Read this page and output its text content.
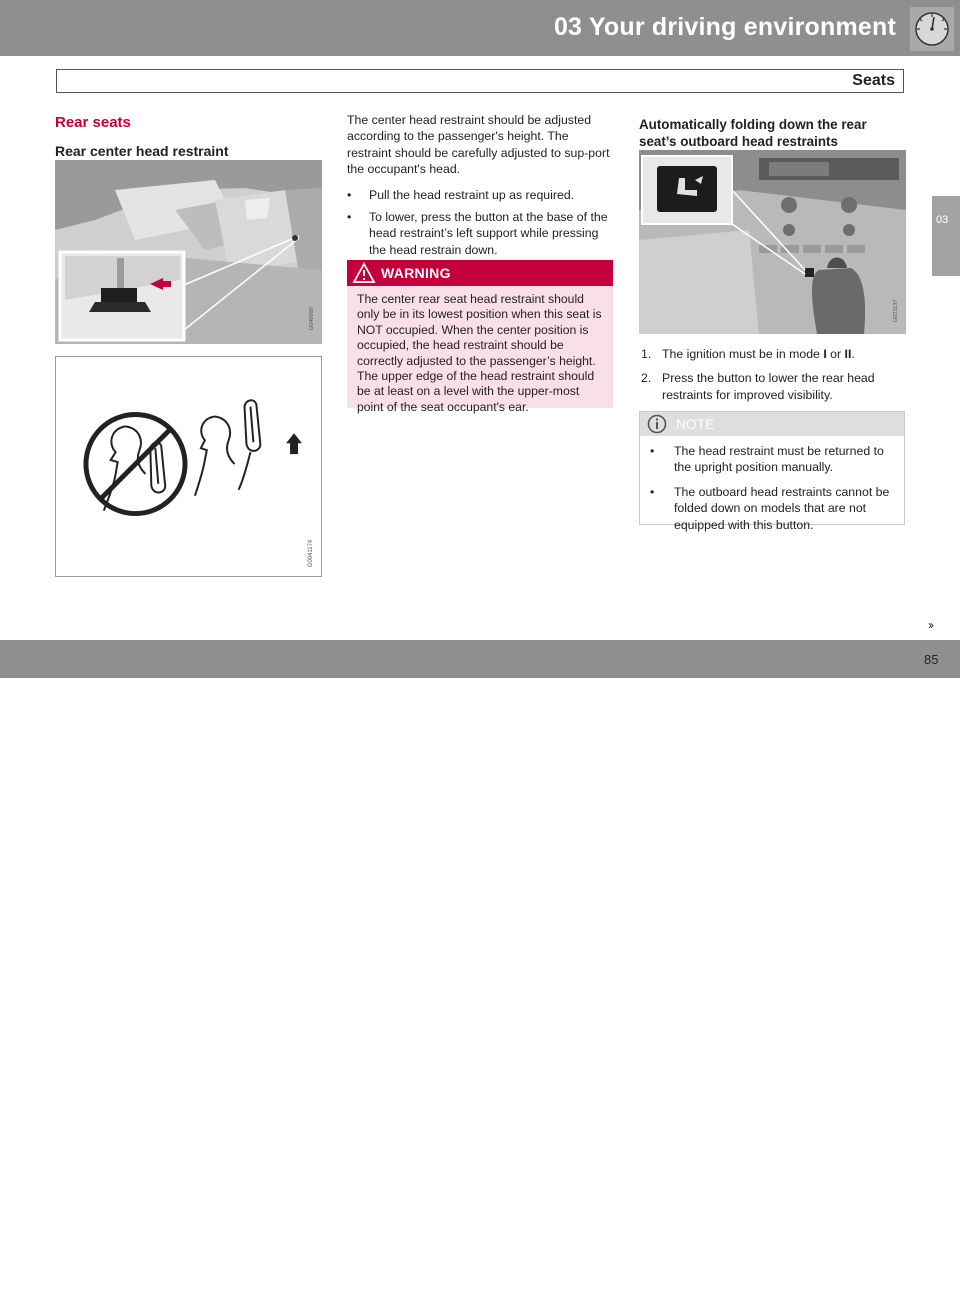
03 Your driving environment
Seats
03
Rear seats
Rear center head restraint
G040000
G0041174

The center head restraint should be adjusted according to the passenger's height. The restraint should be carefully adjusted to sup-port the occupant's head.

• Pull the head restraint up as required.
• To lower, press the button at the base of the head restraint’s left support while pressing the head restrain down.
WARNING
The center rear seat head restraint should only be in its lowest position when this seat is NOT occupied. When the center position is occupied, the head restraint should be correctly adjusted to the passenger’s height. The upper edge of the head restraint should be at least on a level with the upper-most point of the seat occupant's ear.
Automatically folding down the rear seat’s outboard head restraints
G021137
1. The ignition must be in mode I or II.
2. Press the button to lower the rear head restraints for improved visibility.
NOTE
• The head restraint must be returned to the upright position manually.
• The outboard head restraints cannot be folded down on models that are not equipped with this button.
››
carmanualsonline.info
85
